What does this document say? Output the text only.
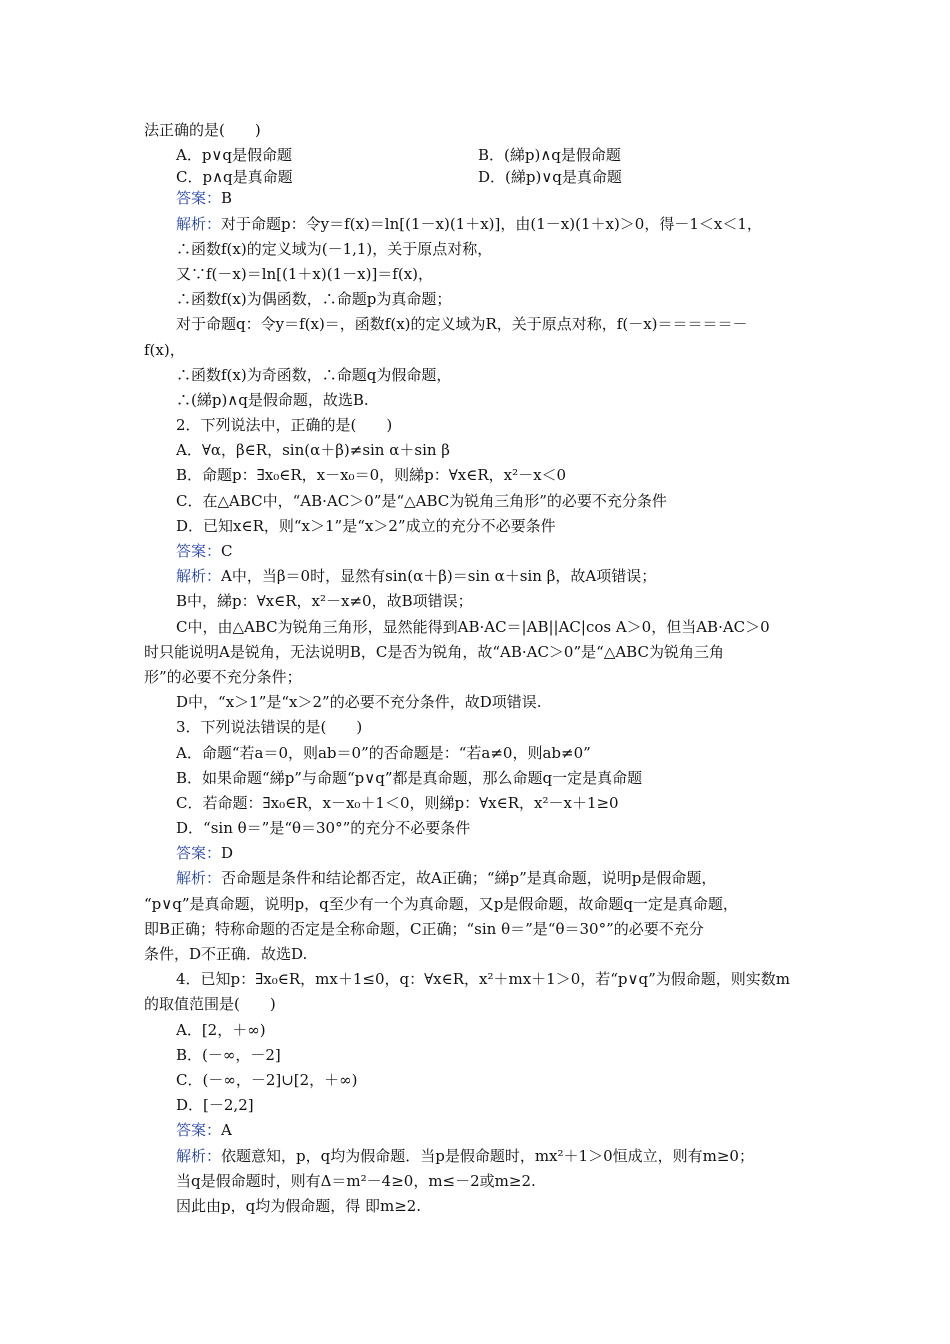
法正确的是(　　)
A．p∨q是假命题	B．(綈p)∧q是假命题
C．p∧q是真命题	D．(綈p)∨q是真命题
答案：B
解析：对于命题p：令y＝f(x)＝ln[(1－x)(1＋x)]，由(1－x)(1＋x)＞0，得－1＜x＜1，
∴函数f(x)的定义域为(－1,1)，关于原点对称，
又∵f(－x)＝ln[(1＋x)(1－x)]＝f(x)，
∴函数f(x)为偶函数，∴命题p为真命题；
对于命题q：令y＝f(x)＝，函数f(x)的定义域为R，关于原点对称，f(－x)＝＝＝＝＝－
f(x)，
∴函数f(x)为奇函数，∴命题q为假命题，
∴(綈p)∧q是假命题，故选B.
2．下列说法中，正确的是(　　)
A．∀α，β∈R，sin(α＋β)≠sin α＋sin β
B．命题p：∃x₀∈R，x－x₀＝0，则綈p：∀x∈R，x²－x＜0
C．在△ABC中，“AB·AC＞0”是“△ABC为锐角三角形”的必要不充分条件
D．已知x∈R，则“x＞1”是“x＞2”成立的充分不必要条件
答案：C
解析：A中，当β＝0时，显然有sin(α＋β)＝sin α＋sin β，故A项错误；
B中，綈p：∀x∈R，x²－x≠0，故B项错误；
C中，由△ABC为锐角三角形，显然能得到AB·AC＝|AB||AC|cos A＞0，但当AB·AC＞0
时只能说明A是锐角，无法说明B，C是否为锐角，故“AB·AC＞0”是“△ABC为锐角三角
形”的必要不充分条件；
D中，“x＞1”是“x＞2”的必要不充分条件，故D项错误.
3．下列说法错误的是(　　)
A．命题“若a＝0，则ab＝0”的否命题是：“若a≠0，则ab≠0”
B．如果命题“綈p”与命题“p∨q”都是真命题，那么命题q一定是真命题
C．若命题：∃x₀∈R，x－x₀＋1＜0，则綈p：∀x∈R，x²－x＋1≥0
D．“sin θ＝”是“θ＝30°”的充分不必要条件
答案：D
解析：否命题是条件和结论都否定，故A正确；“綈p”是真命题，说明p是假命题，
“p∨q”是真命题，说明p，q至少有一个为真命题，又p是假命题，故命题q一定是真命题，
即B正确；特称命题的否定是全称命题，C正确；“sin θ＝”是“θ＝30°”的必要不充分
条件，D不正确．故选D.
4．已知p：∃x₀∈R，mx＋1≤0，q：∀x∈R，x²＋mx＋1＞0，若“p∨q”为假命题，则实数m
的取值范围是(　　)
A．[2，＋∞)
B．(－∞，－2]
C．(－∞，－2]∪[2，＋∞)
D．[－2,2]
答案：A
解析：依题意知，p，q均为假命题．当p是假命题时，mx²＋1＞0恒成立，则有m≥0；
当q是假命题时，则有Δ＝m²－4≥0，m≤－2或m≥2.
因此由p，q均为假命题，得 即m≥2.
